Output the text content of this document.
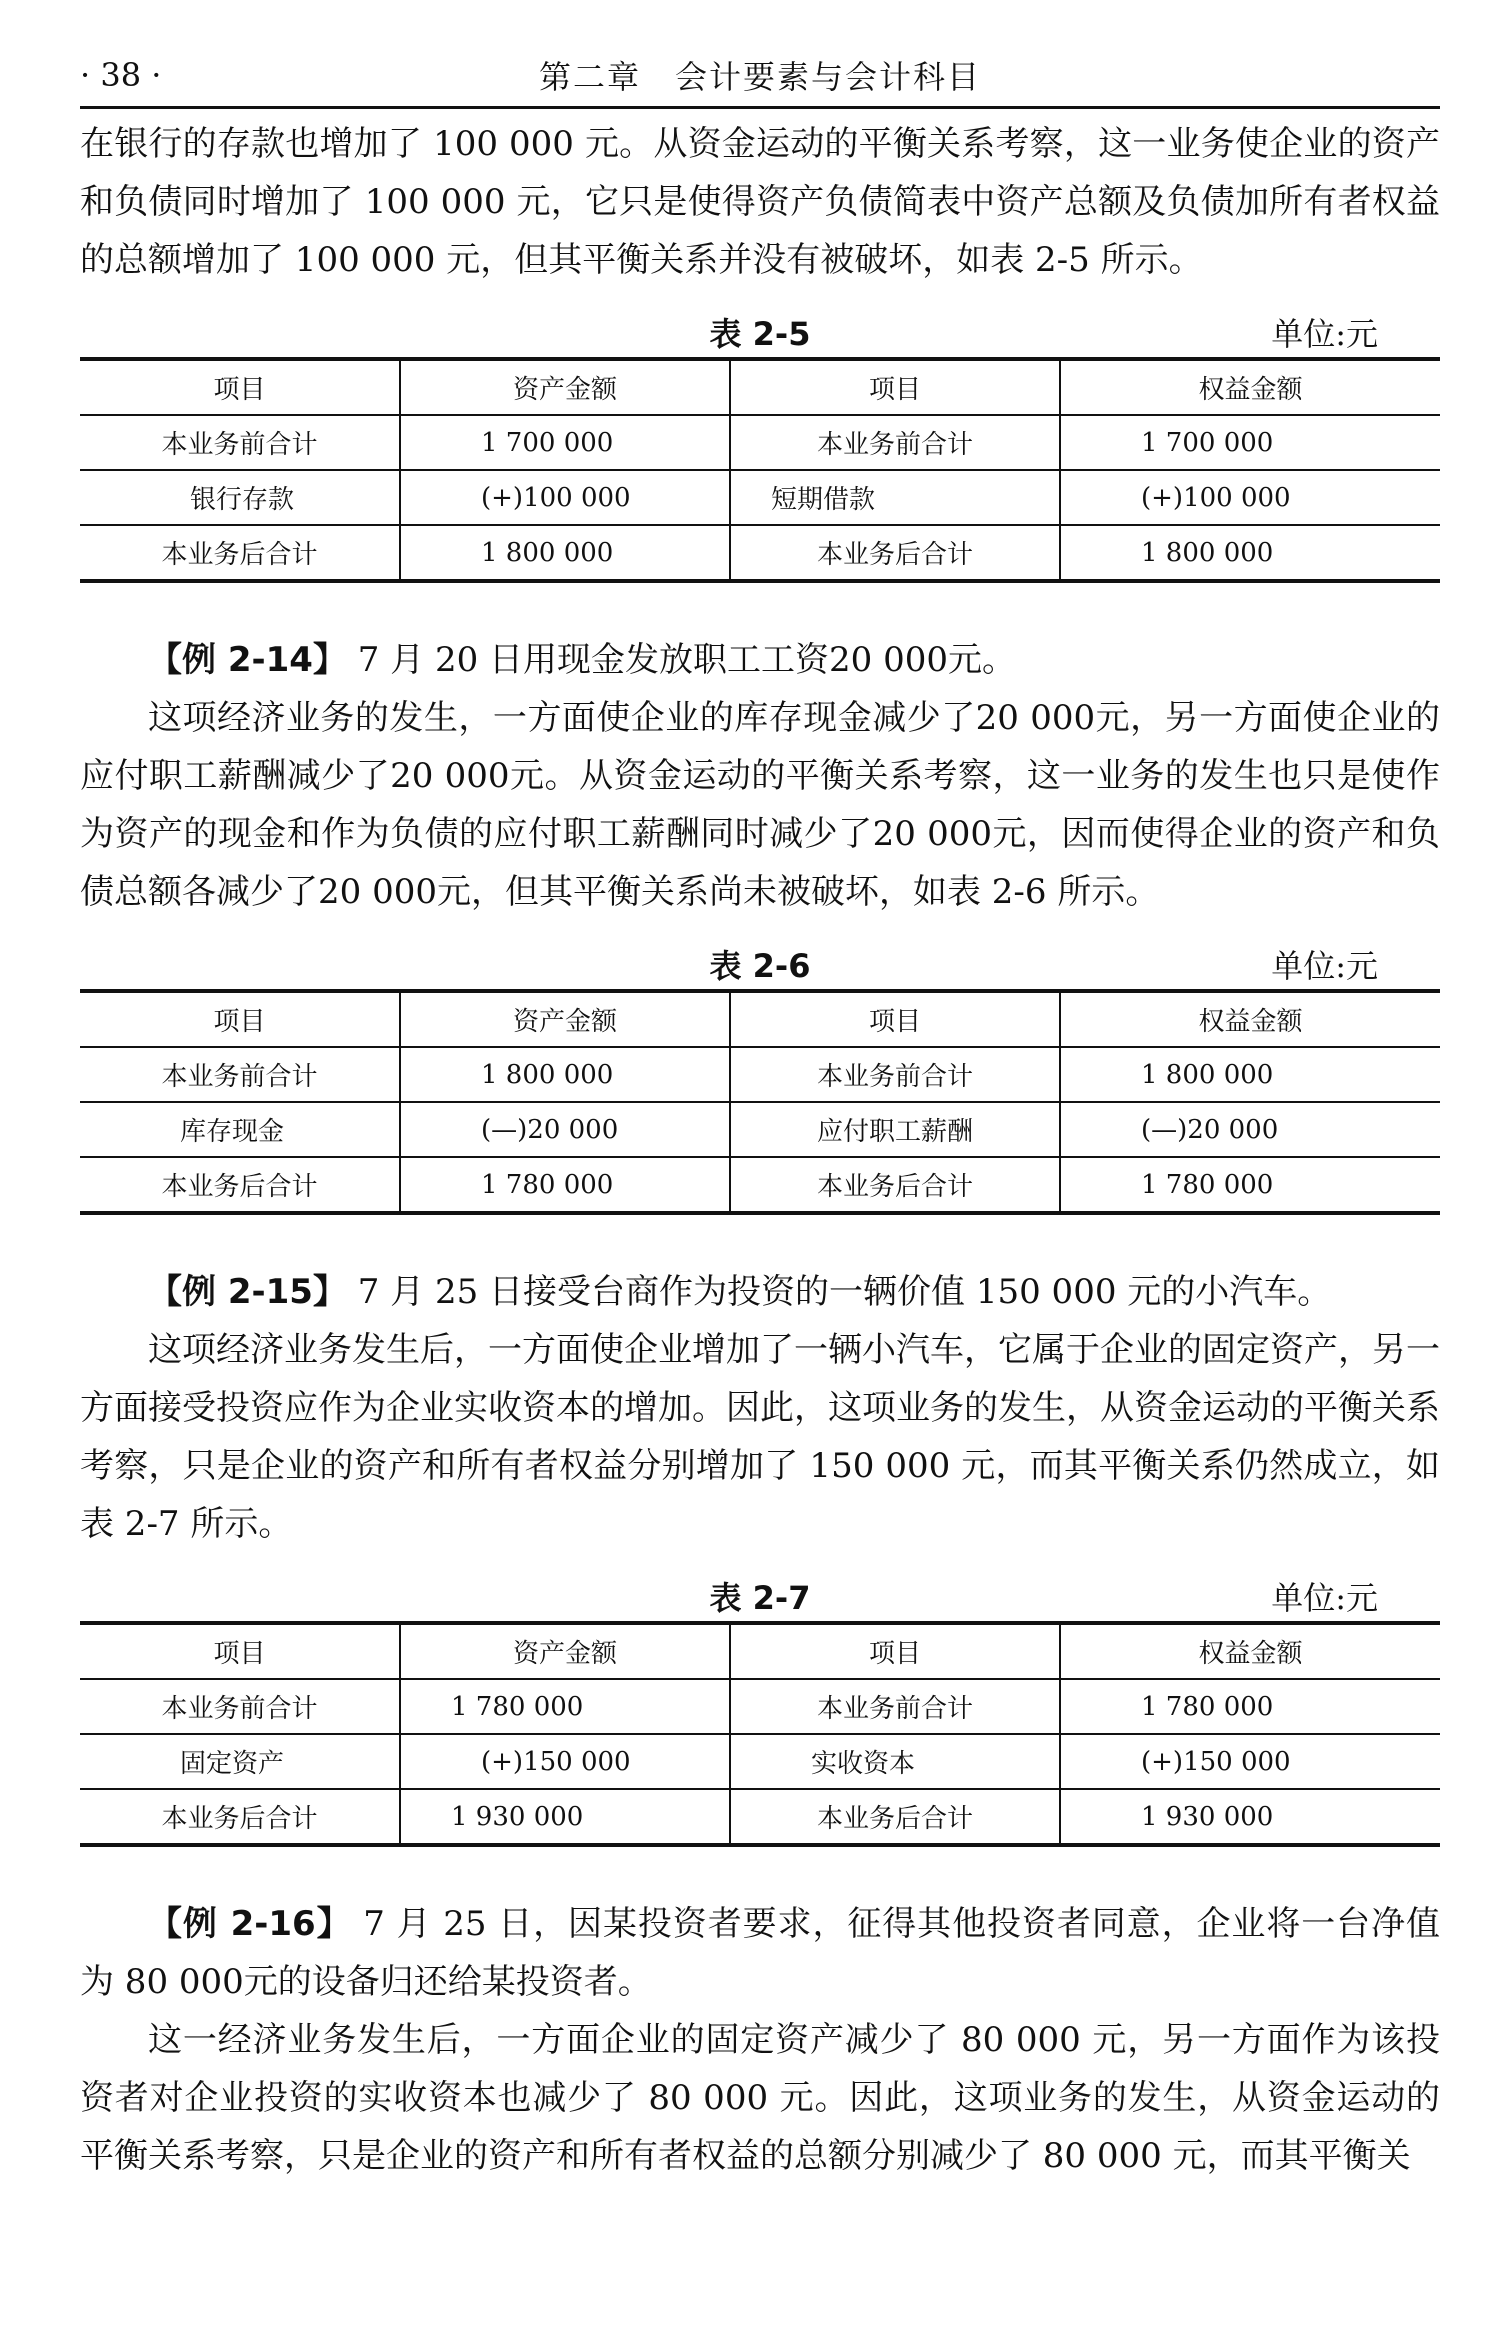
· 38 ·	第二章　会计要素与会计科目

在银行的存款也增加了 100 000 元。从资金运动的平衡关系考察，这一业务使企业的资产和负债同时增加了 100 000 元，它只是使得资产负债简表中资产总额及负债加所有者权益的总额增加了 100 000 元，但其平衡关系并没有被破坏，如表 2-5 所示。

表 2-5	单位:元
项目	资产金额	项目	权益金额
本业务前合计	1 700 000	本业务前合计	1 700 000
银行存款	(+)100 000	短期借款	(+)100 000
本业务后合计	1 800 000	本业务后合计	1 800 000

【例 2-14】 7 月 20 日用现金发放职工工资20 000元。

这项经济业务的发生，一方面使企业的库存现金减少了20 000元，另一方面使企业的应付职工薪酬减少了20 000元。从资金运动的平衡关系考察，这一业务的发生也只是使作为资产的现金和作为负债的应付职工薪酬同时减少了20 000元，因而使得企业的资产和负债总额各减少了20 000元，但其平衡关系尚未被破坏，如表 2-6 所示。

表 2-6	单位:元
项目	资产金额	项目	权益金额
本业务前合计	1 800 000	本业务前合计	1 800 000
库存现金	(—)20 000	应付职工薪酬	(—)20 000
本业务后合计	1 780 000	本业务后合计	1 780 000

【例 2-15】 7 月 25 日接受台商作为投资的一辆价值 150 000 元的小汽车。

这项经济业务发生后，一方面使企业增加了一辆小汽车，它属于企业的固定资产，另一方面接受投资应作为企业实收资本的增加。因此，这项业务的发生，从资金运动的平衡关系考察，只是企业的资产和所有者权益分别增加了 150 000 元，而其平衡关系仍然成立，如表 2-7 所示。

表 2-7	单位:元
项目	资产金额	项目	权益金额
本业务前合计	1 780 000	本业务前合计	1 780 000
固定资产	(+)150 000	实收资本	(+)150 000
本业务后合计	1 930 000	本业务后合计	1 930 000

【例 2-16】 7 月 25 日，因某投资者要求，征得其他投资者同意，企业将一台净值为 80 000元的设备归还给某投资者。

这一经济业务发生后，一方面企业的固定资产减少了 80 000 元，另一方面作为该投资者对企业投资的实收资本也减少了 80 000 元。因此，这项业务的发生，从资金运动的平衡关系考察，只是企业的资产和所有者权益的总额分别减少了 80 000 元，而其平衡关
